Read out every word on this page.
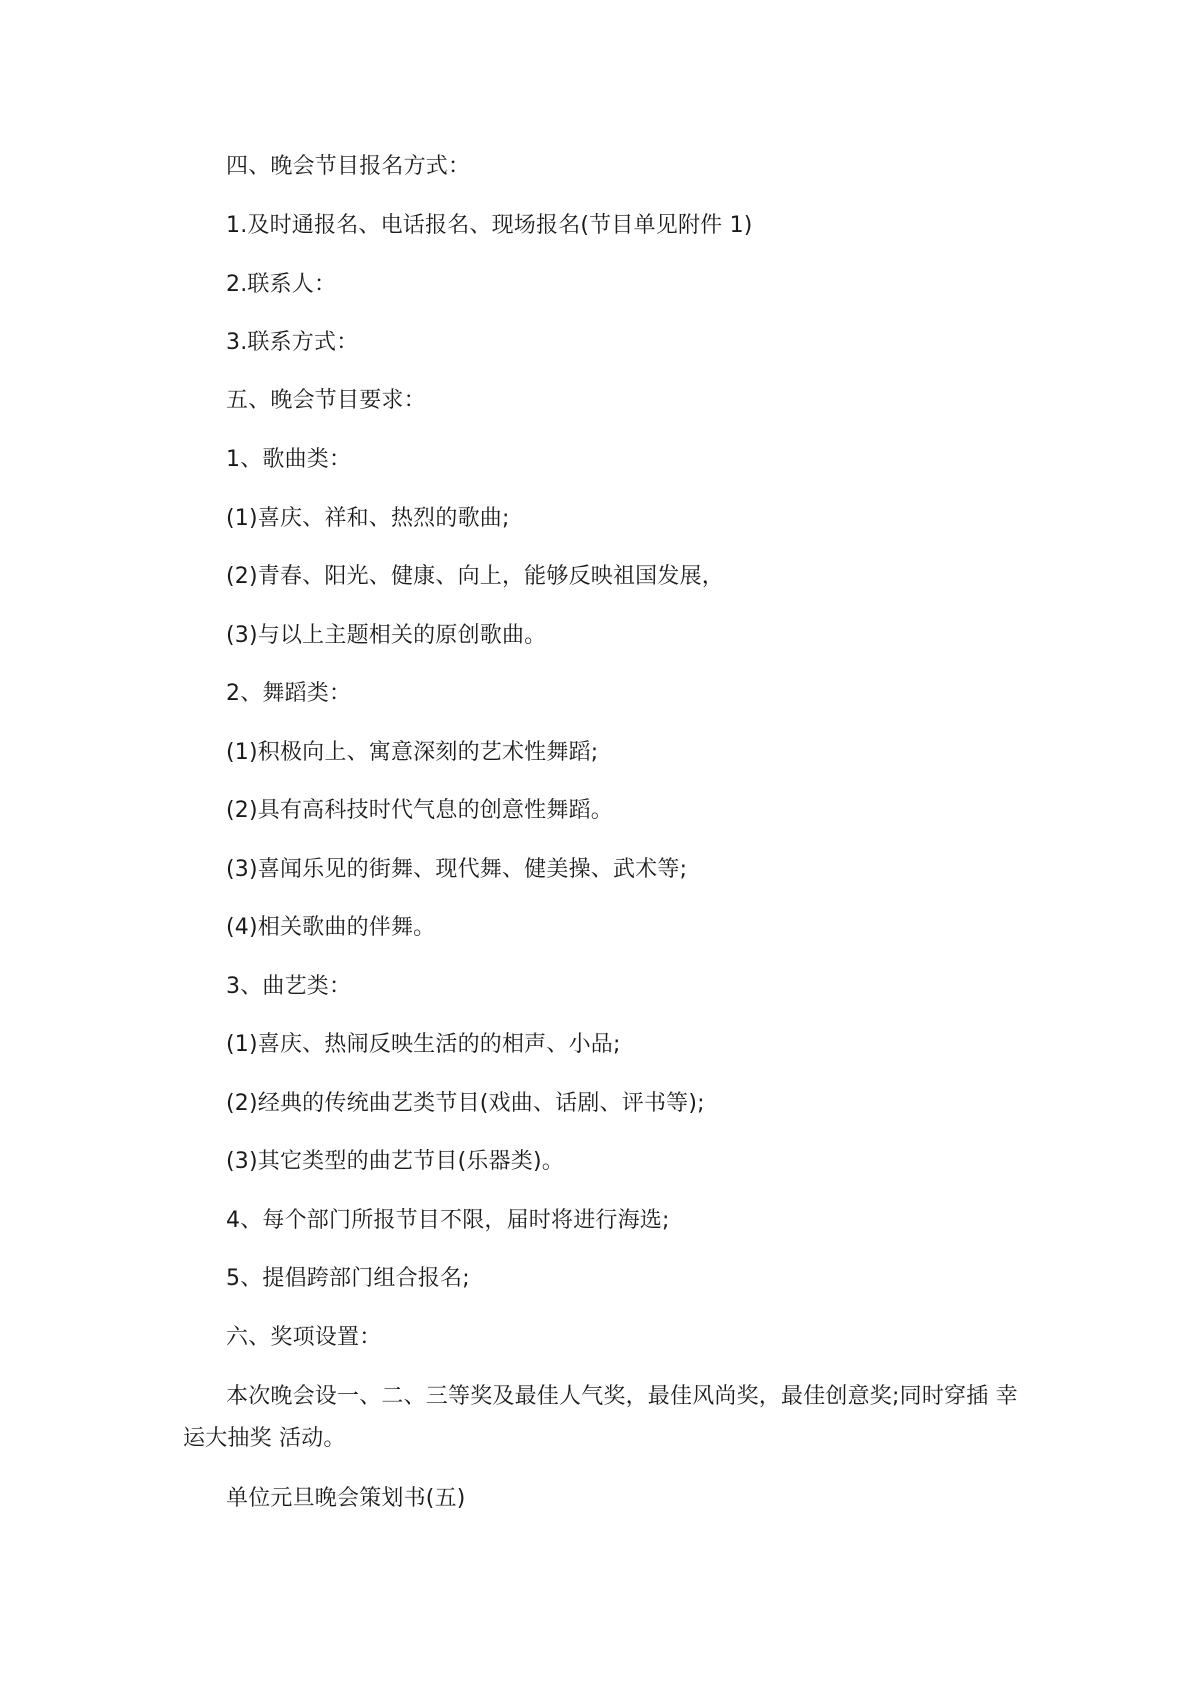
四、晚会节目报名方式：
1.及时通报名、电话报名、现场报名(节目单见附件 1)
2.联系人：
3.联系方式：
五、晚会节目要求：
1、歌曲类：
(1)喜庆、祥和、热烈的歌曲;
(2)青春、阳光、健康、向上，能够反映祖国发展，
(3)与以上主题相关的原创歌曲。
2、舞蹈类：
(1)积极向上、寓意深刻的艺术性舞蹈;
(2)具有高科技时代气息的创意性舞蹈。
(3)喜闻乐见的街舞、现代舞、健美操、武术等;
(4)相关歌曲的伴舞。
3、曲艺类：
(1)喜庆、热闹反映生活的的相声、小品;
(2)经典的传统曲艺类节目(戏曲、话剧、评书等);
(3)其它类型的曲艺节目(乐器类)。
4、每个部门所报节目不限，届时将进行海选;
5、提倡跨部门组合报名;
六、奖项设置：
本次晚会设一、二、三等奖及最佳人气奖，最佳风尚奖，最佳创意奖;同时穿插 幸运大抽奖 活动。
单位元旦晚会策划书(五)
